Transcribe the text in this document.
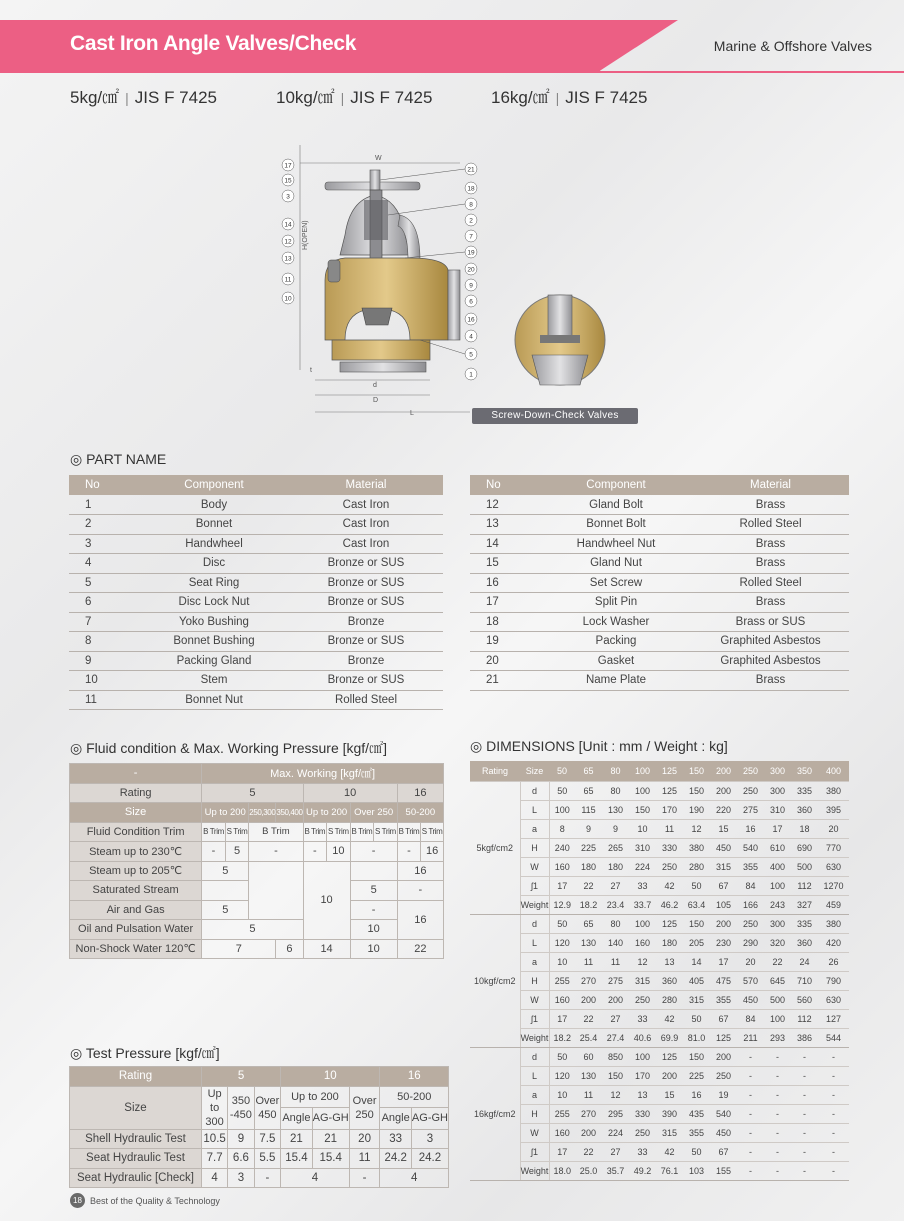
Cast Iron Angle Valves/Check	Marine & Offshore Valves
5kg/㎠ | JIS F 7425	10kg/㎠ | JIS F 7425	16kg/㎠ | JIS F 7425
W
H(OPEN)
d
D
L
t
17
15
3
14
12
13
11
10
21
18
8
2
7
19
20
9
6
16
4
5
1
Screw-Down-Check Valves
◎ PART NAME
No	Component	Material
1	Body	Cast Iron
2	Bonnet	Cast Iron
3	Handwheel	Cast Iron
4	Disc	Bronze or SUS
5	Seat Ring	Bronze or SUS
6	Disc Lock Nut	Bronze or SUS
7	Yoko Bushing	Bronze
8	Bonnet Bushing	Bronze or SUS
9	Packing Gland	Bronze
10	Stem	Bronze or SUS
11	Bonnet Nut	Rolled Steel
No	Component	Material
12	Gland Bolt	Brass
13	Bonnet Bolt	Rolled Steel
14	Handwheel Nut	Brass
15	Gland Nut	Brass
16	Set Screw	Rolled Steel
17	Split Pin	Brass
18	Lock Washer	Brass or SUS
19	Packing	Graphited Asbestos
20	Gasket	Graphited Asbestos
21	Name Plate	Brass
◎ Fluid condition & Max. Working Pressure [kgf/㎠]
-	Max. Working [kgf/㎠]									
Rating	5				10				16	
Size	Up to 200		250,300	350,400	Up to 200		Over 250		50-200	
Fluid Condition Trim	B Trim	S Trim	B Trim		B Trim	S Trim	B Trim	S Trim	B Trim	S Trim
Steam up to 230℃	-	5	-		-	10	-		-	16
Steam up to 205℃	5				10				16	
Saturated Stream							5		-	
Air and Gas	5						-		16	
Oil and Pulsation Water	5						10			
Non-Shock Water 120℃	7			6	14		10		22	
◎ Test Pressure [kgf/㎠]
Rating	5			10			16	
Size	Up to 300	350 -450	Over 450	Up to 200		Over 250	50-200	
				Angle	AG-GH		Angle	AG-GH
Shell Hydraulic Test	10.5	9	7.5	21	21	20	33	3
Seat Hydraulic Test	7.7	6.6	5.5	15.4	15.4	11	24.2	24.2
Seat Hydraulic [Check]	4	3	-	4		-	4	
◎ DIMENSIONS [Unit : mm / Weight : kg]
Rating	Size	50	65	80	100	125	150	200	250	300	350	400
5kgf/cm2	d	50	65	80	100	125	150	200	250	300	335	380
	L	100	115	130	150	170	190	220	275	310	360	395
	a	8	9	9	10	11	12	15	16	17	18	20
	H	240	225	265	310	330	380	450	540	610	690	770
	W	160	180	180	224	250	280	315	355	400	500	630
	ʃ1	17	22	27	33	42	50	67	84	100	112	1270
	Weight	12.9	18.2	23.4	33.7	46.2	63.4	105	166	243	327	459
10kgf/cm2	d	50	65	80	100	125	150	200	250	300	335	380
	L	120	130	140	160	180	205	230	290	320	360	420
	a	10	11	11	12	13	14	17	20	22	24	26
	H	255	270	275	315	360	405	475	570	645	710	790
	W	160	200	200	250	280	315	355	450	500	560	630
	ʃ1	17	22	27	33	42	50	67	84	100	112	127
	Weight	18.2	25.4	27.4	40.6	69.9	81.0	125	211	293	386	544
16kgf/cm2	d	50	60	850	100	125	150	200	-	-	-	-
	L	120	130	150	170	200	225	250	-	-	-	-
	a	10	11	12	13	15	16	19	-	-	-	-
	H	255	270	295	330	390	435	540	-	-	-	-
	W	160	200	224	250	315	355	450	-	-	-	-
	ʃ1	17	22	27	33	42	50	67	-	-	-	-
	Weight	18.0	25.0	35.7	49.2	76.1	103	155	-	-	-	-
18 Best of the Quality & Technology
